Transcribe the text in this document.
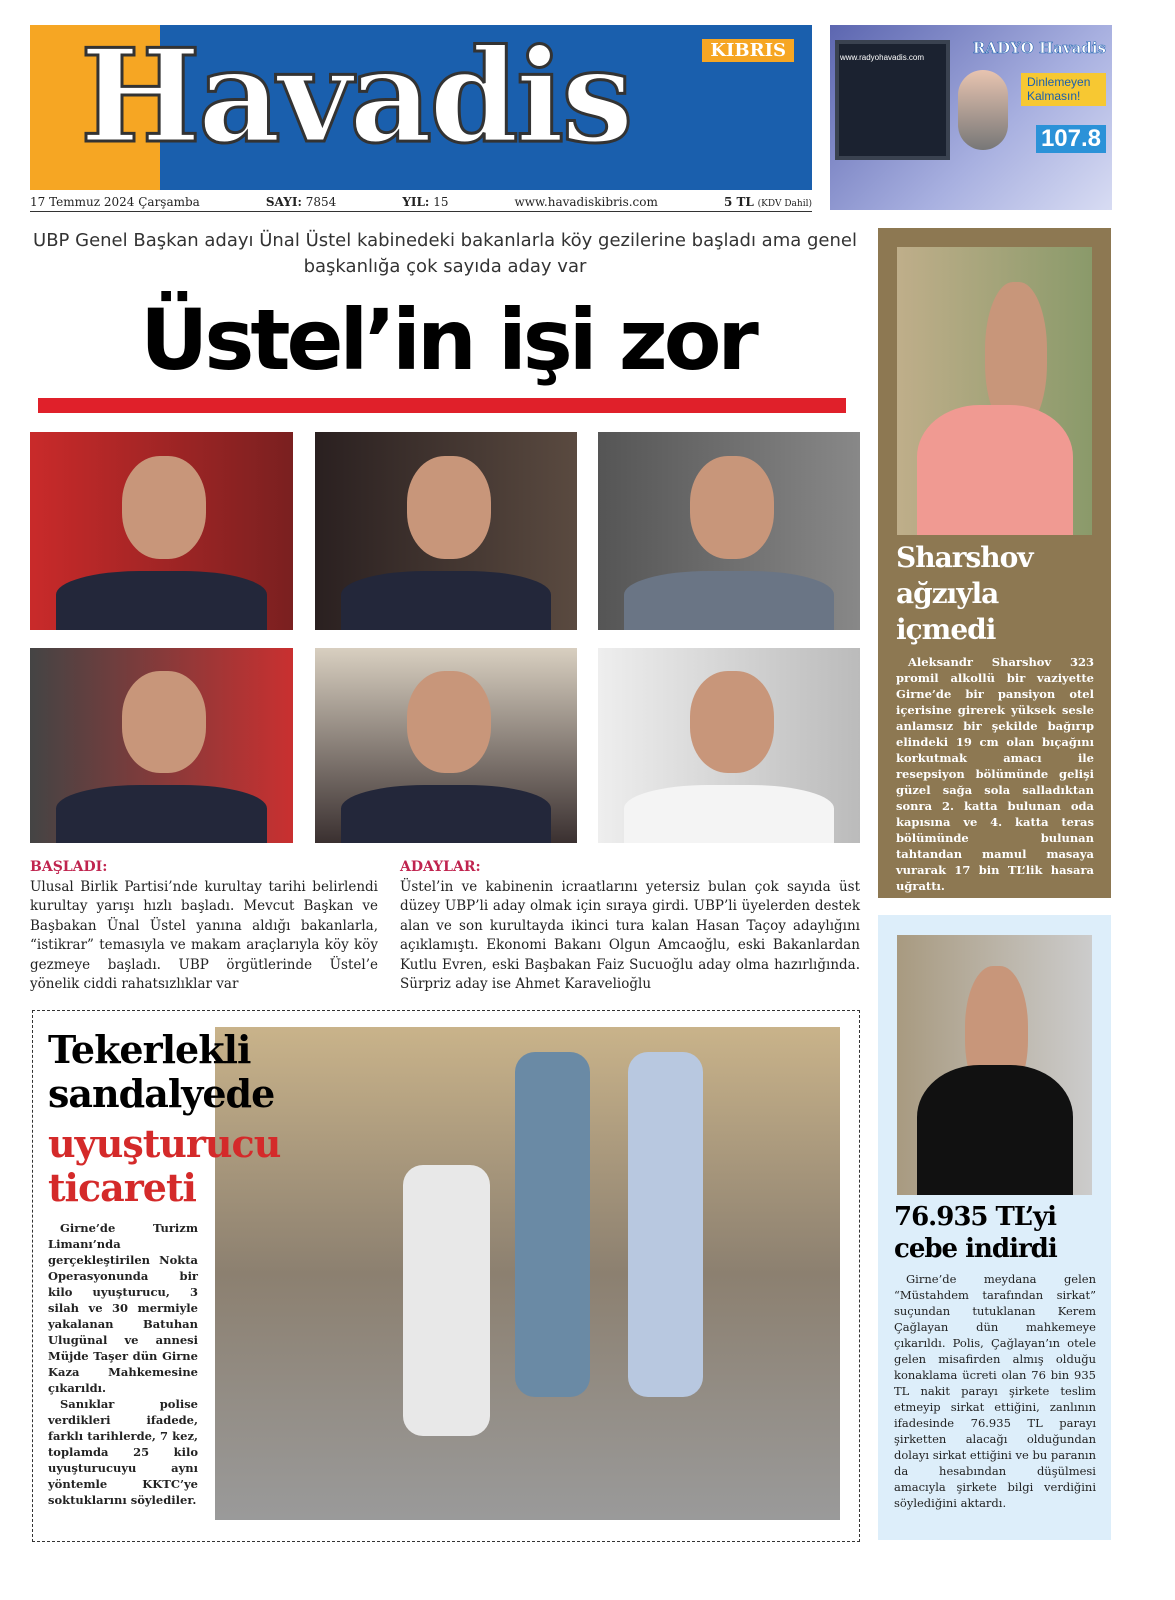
Havadis	KIBRIS
17 Temmuz 2024 Çarşamba	SAYI: 7854	YIL: 15	www.havadiskibris.com	5 TL (KDV Dahil)
www.radyohavadis.com
RADYO Havadis
Dinlemeyen Kalmasın!
107.8
UBP Genel Başkan adayı Ünal Üstel kabinedeki bakanlarla köy gezilerine başladı ama genel başkanlığa çok sayıda aday var
Üstel’in işi zor
BAŞLADI:
Ulusal Birlik Partisi’nde kurultay tarihi belirlendi kurultay yarışı hızlı başladı. Mevcut Başkan ve Başbakan Ünal Üstel yanına aldığı bakanlarla, “istikrar” temasıyla ve makam araçlarıyla köy köy gezmeye başladı. UBP örgütlerinde Üstel’e yönelik ciddi rahatsızlıklar var
ADAYLAR:
Üstel’in ve kabinenin icraatlarını yetersiz bulan çok sayıda üst düzey UBP’li aday olmak için sıraya girdi. UBP’li üyelerden destek alan ve son kurultayda ikinci tura kalan Hasan Taçoy adaylığını açıklamıştı. Ekonomi Bakanı Olgun Amcaoğlu, eski Bakanlardan Kutlu Evren, eski Başbakan Faiz Sucuoğlu aday olma hazırlığında. Sürpriz aday ise Ahmet Karavelioğlu
Tekerlekli sandalyede
uyuşturucu ticareti

Girne’de Turizm Limanı’nda gerçekleştirilen Nokta Operasyonunda bir kilo uyuşturucu, 3 silah ve 30 mermiyle yakalanan Batuhan Ulugünal ve annesi Müjde Taşer dün Girne Kaza Mahkemesine çıkarıldı.

Sanıklar polise verdikleri ifadede, farklı tarihlerde, 7 kez, toplamda 25 kilo uyuşturucuyu aynı yöntemle KKTC’ye soktuklarını söylediler.

Sharshov ağzıyla içmedi
Aleksandr Sharshov 323 promil alkollü bir vaziyette Girne’de bir pansiyon otel içerisine girerek yüksek sesle anlamsız bir şekilde bağırıp elindeki 19 cm olan bıçağını korkutmak amacı ile resepsiyon bölümünde gelişi güzel sağa sola salladıktan sonra 2. katta bulunan oda kapısına ve 4. katta teras bölümünde bulunan tahtandan mamul masaya vurarak 17 bin TL’lik hasara uğrattı.
76.935 TL’yi cebe indirdi
Girne’de meydana gelen “Müstahdem tarafından sirkat” suçundan tutuklanan Kerem Çağlayan dün mahkemeye çıkarıldı. Polis, Çağlayan’ın otele gelen misafirden almış olduğu konaklama ücreti olan 76 bin 935 TL nakit parayı şirkete teslim etmeyip sirkat ettiğini, zanlının ifadesinde 76.935 TL parayı şirketten alacağı olduğundan dolayı sirkat ettiğini ve bu paranın da hesabından düşülmesi amacıyla şirkete bilgi verdiğini söylediğini aktardı.
